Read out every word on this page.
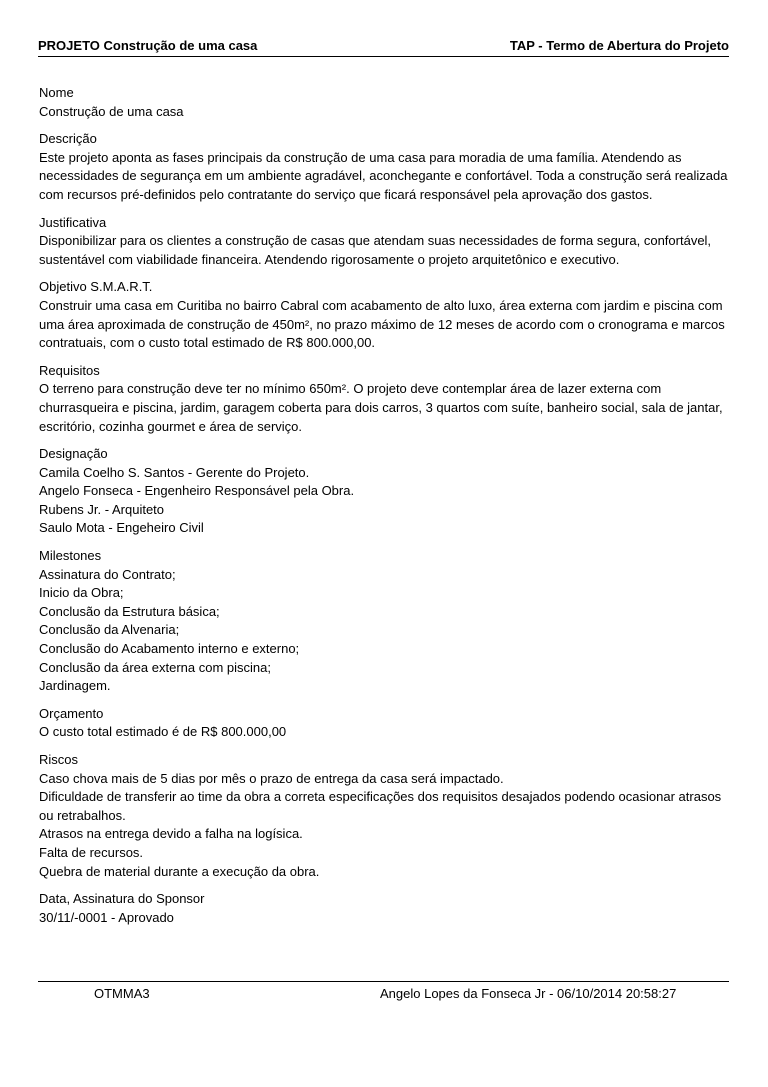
PROJETO Construção de uma casa	TAP - Termo de Abertura do Projeto
Nome
Construção de uma casa
Descrição
Este projeto aponta as fases principais da construção de uma casa para moradia de uma família. Atendendo as necessidades de segurança em um ambiente agradável, aconchegante e confortável. Toda a construção será realizada com recursos pré-definidos pelo contratante do serviço que ficará responsável pela aprovação dos gastos.
Justificativa
Disponibilizar para os clientes a construção de casas que atendam suas necessidades de forma segura, confortável, sustentável com viabilidade financeira. Atendendo rigorosamente o projeto arquitetônico e executivo.
Objetivo S.M.A.R.T.
Construir uma casa em Curitiba no bairro Cabral com acabamento de alto luxo, área externa com jardim e piscina com uma área aproximada de construção de 450m², no prazo máximo de 12 meses de acordo com o cronograma e marcos contratuais, com o custo total estimado de R$ 800.000,00.
Requisitos
O terreno para construção deve ter no mínimo 650m². O projeto deve contemplar área de lazer externa com churrasqueira e piscina, jardim, garagem coberta para dois carros, 3 quartos com suíte, banheiro social, sala de jantar, escritório, cozinha gourmet e área de serviço.
Designação
Camila Coelho S. Santos - Gerente do Projeto.
Angelo Fonseca - Engenheiro Responsável pela Obra.
Rubens Jr. - Arquiteto
Saulo Mota - Engeheiro Civil
Milestones
Assinatura do Contrato;
Inicio da Obra;
Conclusão da Estrutura básica;
Conclusão da Alvenaria;
Conclusão do Acabamento interno e externo;
Conclusão da área externa com piscina;
Jardinagem.
Orçamento
O custo total estimado é de R$ 800.000,00
Riscos
Caso chova mais de 5 dias por mês o prazo de entrega da casa será impactado.
Dificuldade de transferir ao time da obra a correta especificações dos requisitos desajados podendo ocasionar atrasos ou retrabalhos.
Atrasos na entrega devido a falha na logísica.
Falta de recursos.
Quebra de material durante a execução da obra.
Data, Assinatura do Sponsor
30/11/-0001 - Aprovado
OTMMA3	Angelo Lopes da Fonseca Jr - 06/10/2014 20:58:27
